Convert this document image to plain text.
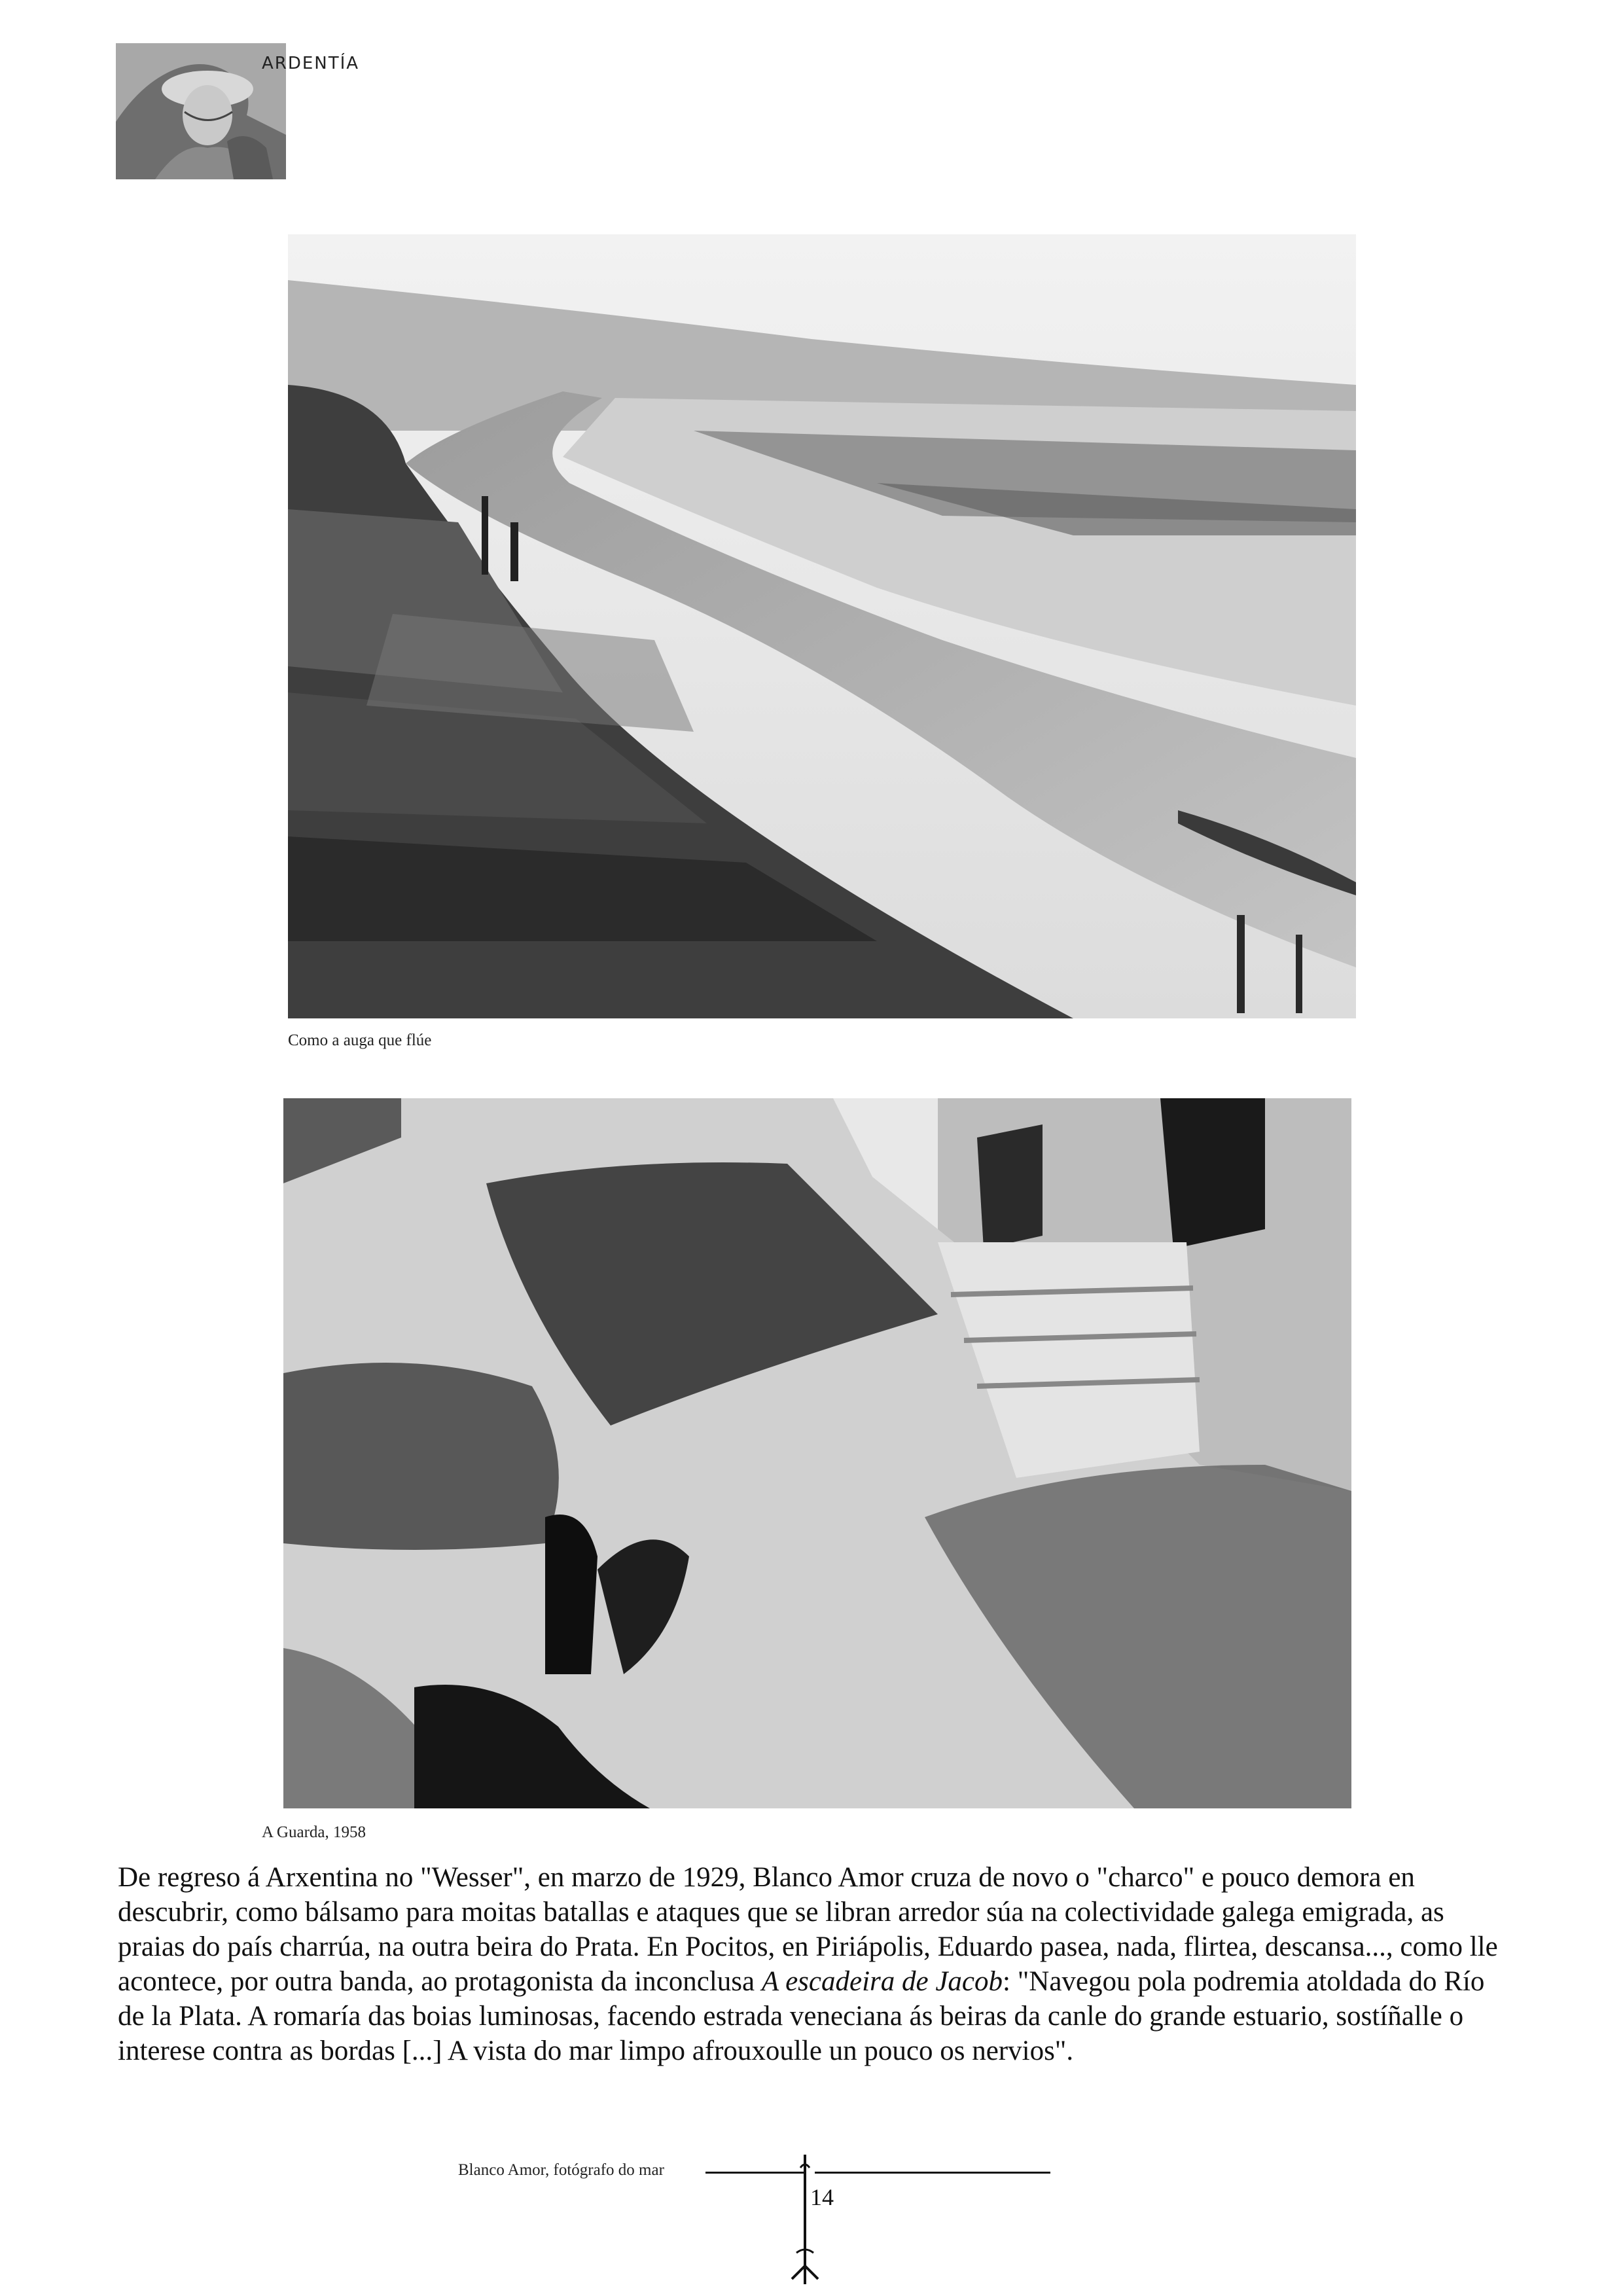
ARDENTÍA
Como a auga que flúe
A Guarda, 1958
De regreso á Arxentina no "Wesser", en marzo de 1929, Blanco Amor cruza de novo o "charco" e pouco demora en descubrir, como bálsamo para moitas batallas e ataques que se libran arredor súa na colectividade galega emigrada, as praias do país charrúa, na outra beira do Prata. En Pocitos, en Piriápolis, Eduardo pasea, nada, flirtea, descansa..., como lle acontece, por outra banda, ao protagonista da inconclusa A escadeira de Jacob: "Navegou pola podremia atoldada do Río de la Plata. A romaría das boias luminosas, facendo estrada veneciana ás beiras da canle do grande estuario, sostíñalle o interese contra as bordas [...] A vista do mar limpo afrouxoulle un pouco os nervios".
Blanco Amor, fotógrafo do mar
14
